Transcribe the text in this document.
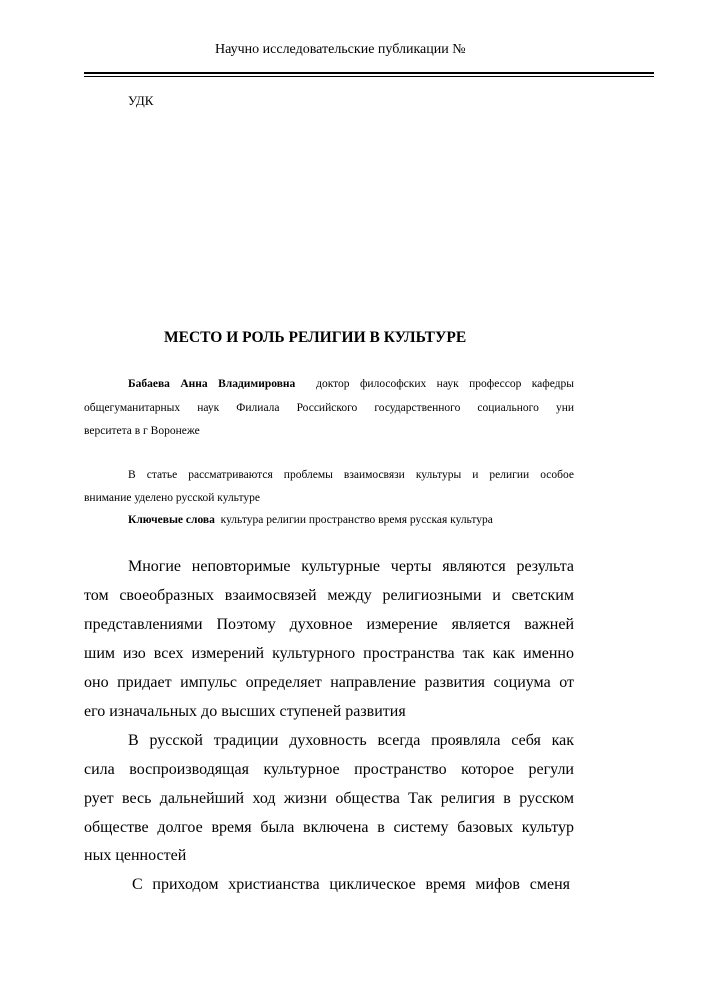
Научно исследовательские публикации №
УДК
МЕСТО И РОЛЬ РЕЛИГИИ В КУЛЬТУРЕ
Бабаева Анна Владимировна доктор философских наук профессор кафедры
общегуманитарных наук Филиала Российского государственного социального уни
верситета в г Воронеже
В статье рассматриваются проблемы взаимосвязи культуры и религии особое
внимание уделено русской культуре
Ключевые слова культура религии пространство время русская культура
Многие неповторимые культурные черты являются результа
том своеобразных взаимосвязей между религиозными и светским
представлениями Поэтому духовное измерение является важней
шим изо всех измерений культурного пространства так как именно
оно придает импульс определяет направление развития социума от
его изначальных до высших ступеней развития
В русской традиции духовность всегда проявляла себя как
сила воспроизводящая культурное пространство которое регули
рует весь дальнейший ход жизни общества Так религия в русском
обществе долгое время была включена в систему базовых культур
ных ценностей
С приходом христианства циклическое время мифов сменя
